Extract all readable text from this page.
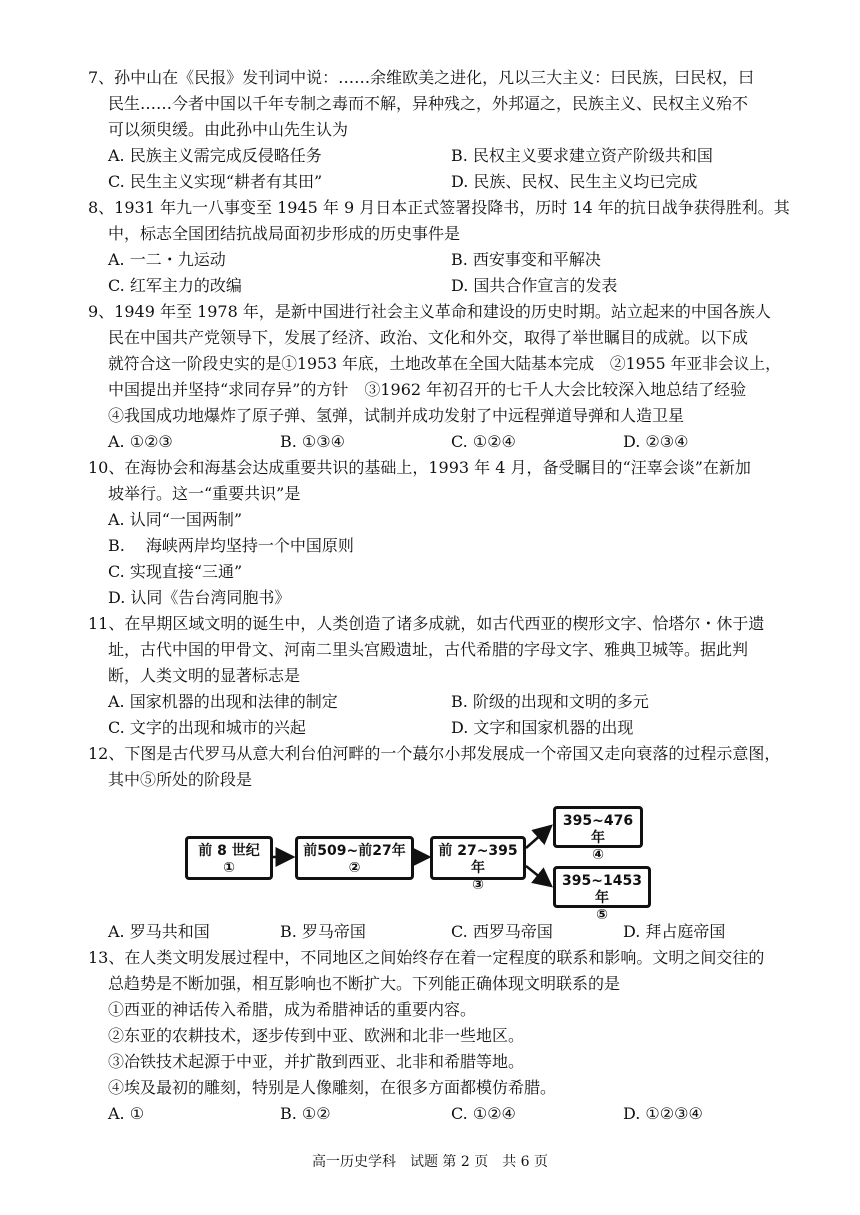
7、孙中山在《民报》发刊词中说：……余维欧美之进化，凡以三大主义：曰民族，曰民权，曰
民生……今者中国以千年专制之毒而不解，异种残之，外邦逼之，民族主义、民权主义殆不
可以须臾缓。由此孙中山先生认为
A. 民族主义需完成反侵略任务	B. 民权主义要求建立资产阶级共和国
C. 民生主义实现“耕者有其田”	D. 民族、民权、民生主义均已完成
8、1931 年九一八事变至 1945 年 9 月日本正式签署投降书，历时 14 年的抗日战争获得胜利。其
中，标志全国团结抗战局面初步形成的历史事件是
A. 一二・九运动	B. 西安事变和平解决
C. 红军主力的改编	D. 国共合作宣言的发表
9、1949 年至 1978 年，是新中国进行社会主义革命和建设的历史时期。站立起来的中国各族人
民在中国共产党领导下，发展了经济、政治、文化和外交，取得了举世瞩目的成就。以下成
就符合这一阶段史实的是①1953 年底，土地改革在全国大陆基本完成　②1955 年亚非会议上，
中国提出并坚持“求同存异”的方针　③1962 年初召开的七千人大会比较深入地总结了经验
④我国成功地爆炸了原子弹、氢弹，试制并成功发射了中远程弹道导弹和人造卫星
A. ①②③	B. ①③④	C. ①②④	D. ②③④
10、在海协会和海基会达成重要共识的基础上，1993 年 4 月，备受瞩目的“汪辜会谈”在新加
坡举行。这一“重要共识”是
A. 认同“一国两制”
B. 　海峡两岸均坚持一个中国原则
C. 实现直接“三通”
D. 认同《告台湾同胞书》
11、在早期区域文明的诞生中，人类创造了诸多成就，如古代西亚的楔形文字、恰塔尔・休于遗
址，古代中国的甲骨文、河南二里头宫殿遗址，古代希腊的字母文字、雅典卫城等。据此判
断，人类文明的显著标志是
A. 国家机器的出现和法律的制定	B. 阶级的出现和文明的多元
C. 文字的出现和城市的兴起	D. 文字和国家机器的出现
12、下图是古代罗马从意大利台伯河畔的一个蕞尔小邦发展成一个帝国又走向衰落的过程示意图，
其中⑤所处的阶段是
前 8 世纪
①
前509~前27年
②
前 27~395年
③
395~476年
④
395~1453年
⑤
A. 罗马共和国	B. 罗马帝国	C. 西罗马帝国	D. 拜占庭帝国
13、在人类文明发展过程中，不同地区之间始终存在着一定程度的联系和影响。文明之间交往的
总趋势是不断加强，相互影响也不断扩大。下列能正确体现文明联系的是
①西亚的神话传入希腊，成为希腊神话的重要内容。
②东亚的农耕技术，逐步传到中亚、欧洲和北非一些地区。
③冶铁技术起源于中亚，并扩散到西亚、北非和希腊等地。
④埃及最初的雕刻，特别是人像雕刻，在很多方面都模仿希腊。
A. ①	B. ①②	C. ①②④	D. ①②③④
高一历史学科　试题 第 2 页　共 6 页
